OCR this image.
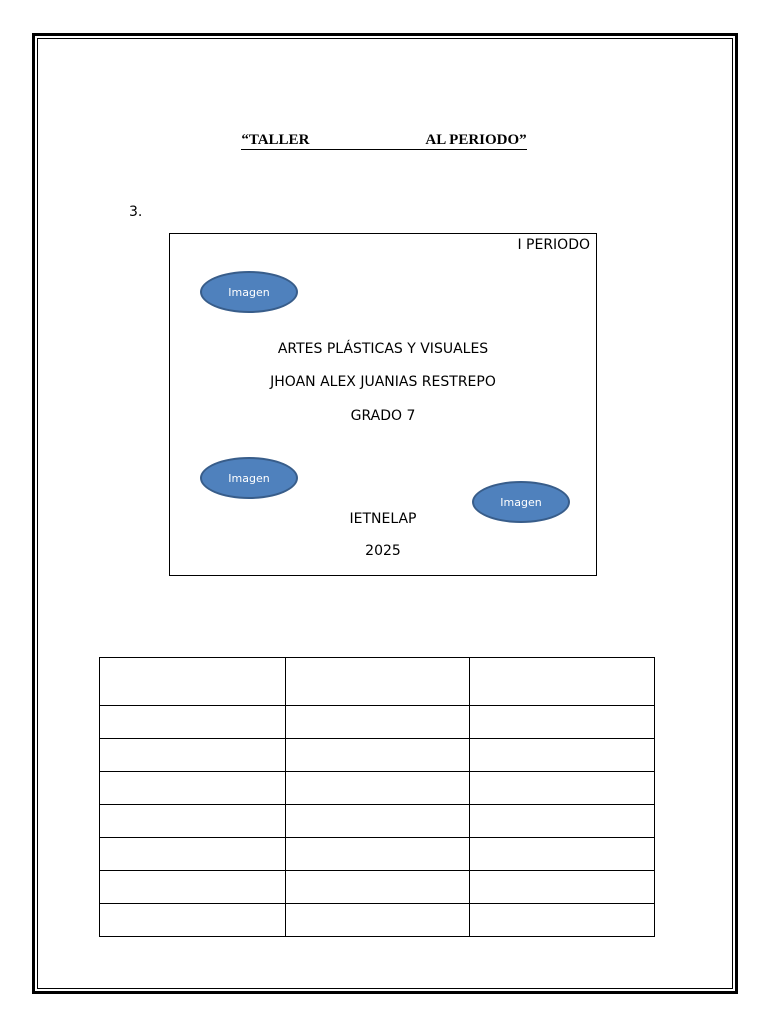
“TALLER	AL PERIODO”
3.
I PERIODO
Imagen
ARTES PLÁSTICAS Y VISUALES
JHOAN ALEX JUANIAS RESTREPO
GRADO 7
Imagen
Imagen
IETNELAP
2025
